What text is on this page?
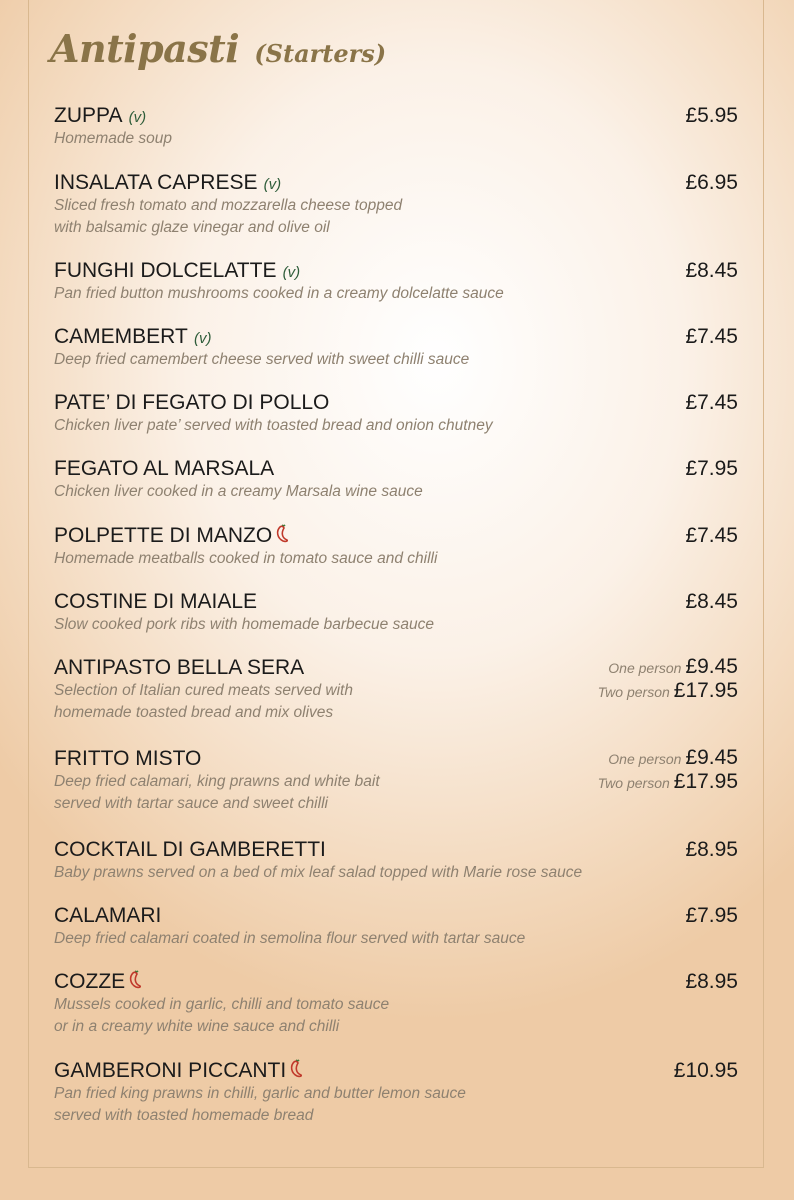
Antipasti (Starters)
ZUPPA (v)
Homemade soup
£5.95
INSALATA CAPRESE (v)
Sliced fresh tomato and mozzarella cheese topped
with balsamic glaze vinegar and olive oil
£6.95
FUNGHI DOLCELATTE (v)
Pan fried button mushrooms cooked in a creamy dolcelatte sauce
£8.45
CAMEMBERT (v)
Deep fried camembert cheese served with sweet chilli sauce
£7.45
PATE’ DI FEGATO DI POLLO
Chicken liver pate’ served with toasted bread and onion chutney
£7.45
FEGATO AL MARSALA
Chicken liver cooked in a creamy Marsala wine sauce
£7.95
POLPETTE DI MANZO
Homemade meatballs cooked in tomato sauce and chilli
£7.45
COSTINE DI MAIALE
Slow cooked pork ribs with homemade barbecue sauce
£8.45
ANTIPASTO BELLA SERA
Selection of Italian cured meats served with
homemade toasted bread and mix olives
One person £9.45
Two person £17.95
FRITTO MISTO
Deep fried calamari, king prawns and white bait
served with tartar sauce and sweet chilli
One person £9.45
Two person £17.95
COCKTAIL DI GAMBERETTI
Baby prawns served on a bed of mix leaf salad topped with Marie rose sauce
£8.95
CALAMARI
Deep fried calamari coated in semolina flour served with tartar sauce
£7.95
COZZE
Mussels cooked in garlic, chilli and tomato sauce
or in a creamy white wine sauce and chilli
£8.95
GAMBERONI PICCANTI
Pan fried king prawns in chilli, garlic and butter lemon sauce
served with toasted homemade bread
£10.95
